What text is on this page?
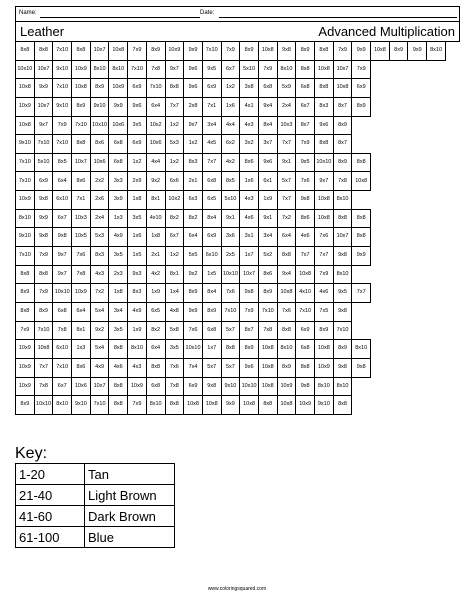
Name:	Date:
Leather	Advanced Multiplication
8x8	8x8	7x10	8x8	10x7	10x8	7x9	8x9	10x9	9x9	7x10	7x9	8x9	10x8	9x8	8x9	8x8	7x9	9x9	10x8	8x9	9x9	8x10
10x10	10x7	9x10	10x9	8x10	8x10	7x10	7x8	9x7	9x6	9x5	6x7	5x10	7x9	8x10	8x8	10x8	10x7	7x9				
10x8	9x9	7x10	10x8	8x9	10x9	6x9	7x10	8x8	9x6	6x9	1x2	3x8	6x8	5x9	6x8	8x8	10x8	6x9				
10x9	10x7	9x10	8x9	9x10	9x9	9x6	6x4	7x7	2x8	7x1	1x6	4x1	9x4	2x4	6x7	8x3	8x7	8x9				
10x8	9x7	7x9	7x10	10x10	10x6	3x5	10x2	1x2	9x7	3x4	4x4	4x3	8x4	10x3	8x7	9x6	8x9					
9x10	7x10	7x10	8x8	8x6	6x8	6x9	10x6	5x3	1x2	4x5	6x2	3x2	3x7	7x7	7x9	8x8	8x7					
7x10	5x10	8x5	10x7	10x6	6x8	1x2	4x4	1x2	8x3	7x7	4x2	8x6	9x6	9x1	9x5	10x10	8x9	8x8				
7x10	6x9	6x4	8x6	2x2	3x3	2x9	9x2	6x6	2x1	6x8	8x5	1x6	6x1	5x7	7x6	9x7	7x8	10x8				
10x9	9x8	6x10	7x1	2x6	3x9	1x8	8x1	10x2	6x3	6x5	5x10	4x3	1x9	7x7	9x8	10x8	8x10					
8x10	9x9	6x7	10x3	2x4	1x3	3x5	4x10	8x2	8x2	8x4	9x1	4x6	9x1	7x2	8x6	10x8	8x8	8x8				
9x10	9x8	9x8	10x5	5x3	4x9	1x6	1x8	6x7	6x4	6x9	3x6	3x1	3x4	6x4	4x6	7x6	10x7	8x8				
7x10	7x9	9x7	7x6	8x3	3x5	1x5	2x1	1x2	5x5	6x10	2x5	1x7	5x2	8x8	7x7	7x7	9x8	9x9				
8x8	8x8	9x7	7x8	4x3	2x3	9x3	4x2	8x1	9x2	1x5	10x10	10x7	8x6	9x4	10x8	7x9	8x10					
8x9	7x9	10x10	10x9	7x2	1x8	8x3	1x9	1x4	8x9	8x4	7x6	9x8	8x9	10x8	4x10	4x6	9x5	7x7				
8x8	8x9	6x8	6x4	5x4	3x4	4x9	6x5	4x8	9x9	8x9	7x10	7x9	7x10	7x6	7x10	7x5	9x8					
7x9	7x10	7x8	8x1	9x2	3x5	1x9	8x2	5x8	7x6	6x8	5x7	8x7	7x8	8x8	6x9	8x9	7x10					
10x9	10x8	6x10	1x3	5x4	8x8	8x10	6x4	3x5	10x10	1x7	8x8	8x9	10x8	8x10	6x8	10x8	8x9	8x10				
10x9	7x7	7x10	8x6	4x9	4x6	4x3	8x8	7x6	7x4	5x7	5x7	9x6	10x8	8x9	8x8	10x9	9x8	9x8				
10x9	7x8	6x7	10x6	10x7	8x8	10x9	6x8	7x8	6x9	9x8	9x10	10x10	10x8	10x9	9x8	8x10	8x10					
8x9	10x10	8x10	9x10	7x10	8x8	7x9	8x10	8x8	10x8	10x8	9x9	10x8	8x8	10x8	10x9	9x10	8x8					
Key:
1-20	Tan
21-40	Light Brown
41-60	Dark Brown
61-100	Blue
www.coloringsquared.com
